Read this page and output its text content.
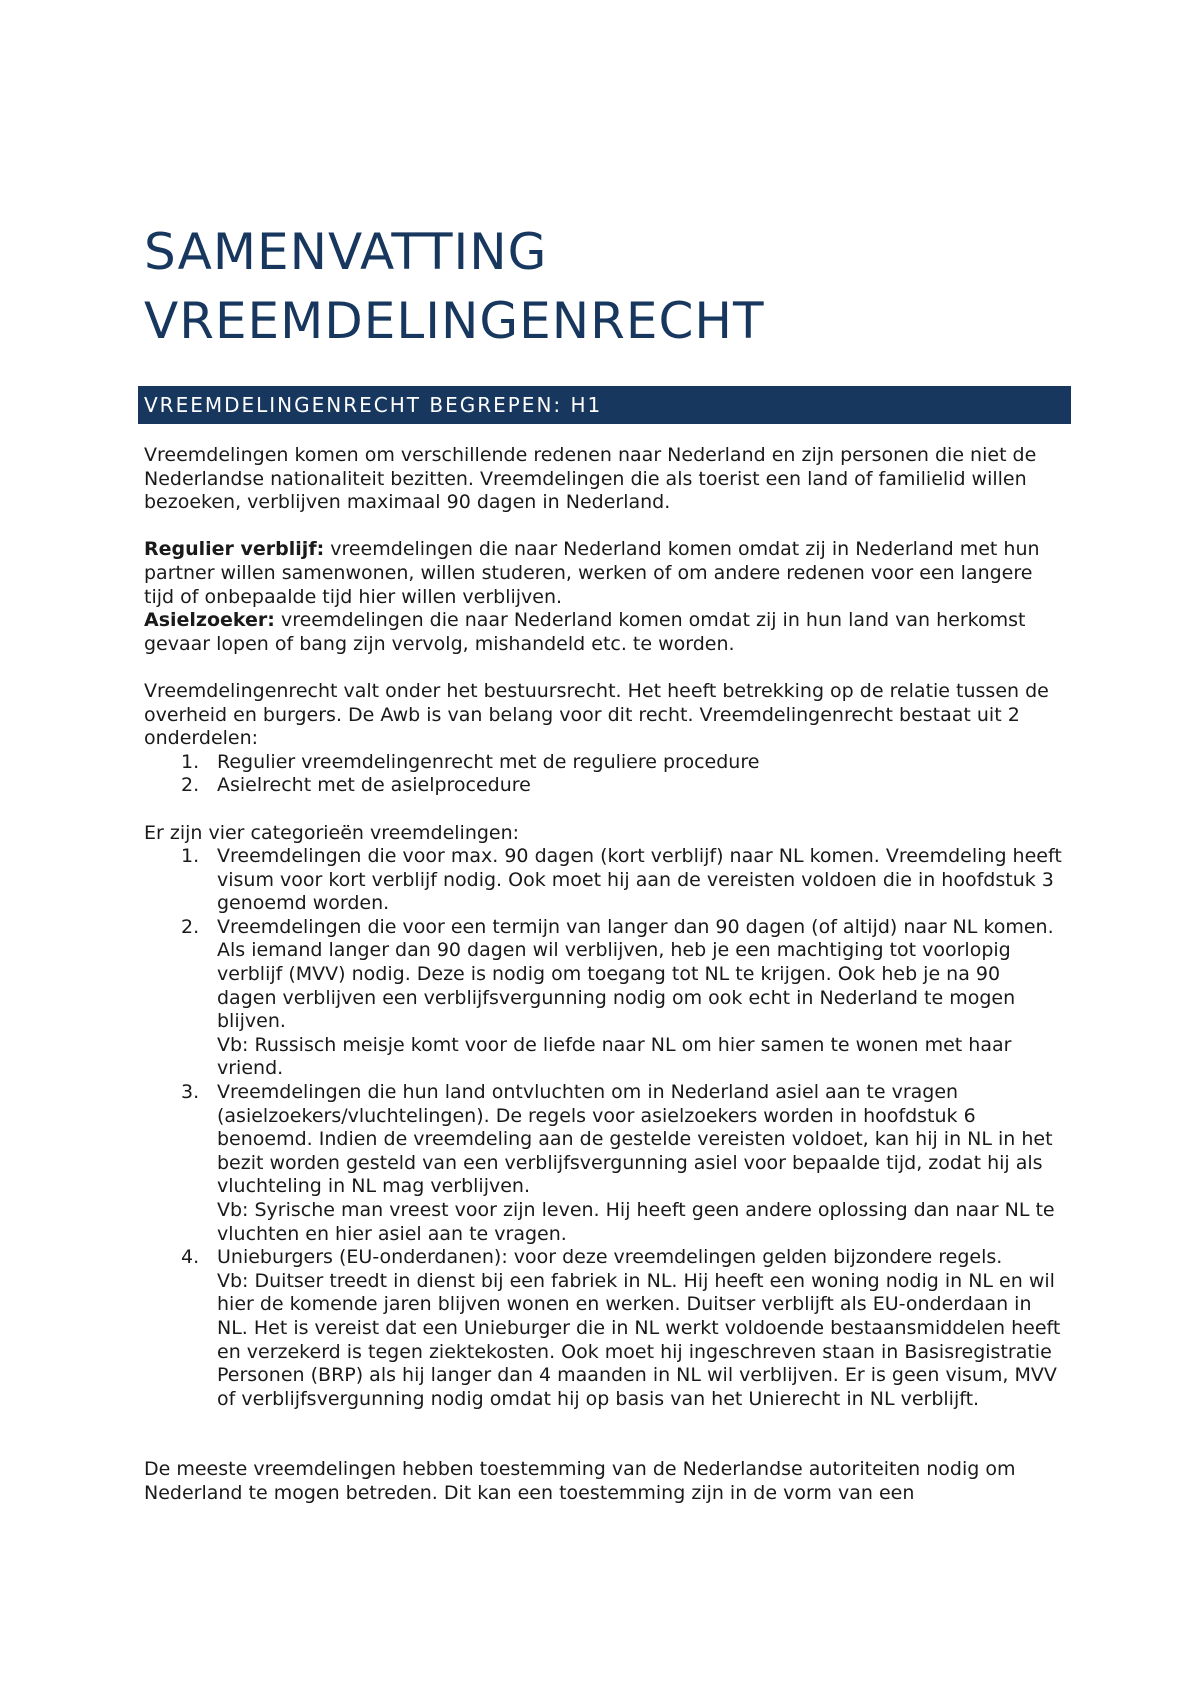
SAMENVATTING
VREEMDELINGENRECHT
VREEMDELINGENRECHT BEGREPEN: H1

Vreemdelingen komen om verschillende redenen naar Nederland en zijn personen die niet de Nederlandse nationaliteit bezitten. Vreemdelingen die als toerist een land of familielid willen bezoeken, verblijven maximaal 90 dagen in Nederland.

Regulier verblijf: vreemdelingen die naar Nederland komen omdat zij in Nederland met hun partner willen samenwonen, willen studeren, werken of om andere redenen voor een langere tijd of onbepaalde tijd hier willen verblijven.

Asielzoeker: vreemdelingen die naar Nederland komen omdat zij in hun land van herkomst gevaar lopen of bang zijn vervolg, mishandeld etc. te worden.

Vreemdelingenrecht valt onder het bestuursrecht. Het heeft betrekking op de relatie tussen de overheid en burgers. De Awb is van belang voor dit recht. Vreemdelingenrecht bestaat uit 2 onderdelen:

1. Regulier vreemdelingenrecht met de reguliere procedure

2. Asielrecht met de asielprocedure

Er zijn vier categorieën vreemdelingen:

1. Vreemdelingen die voor max. 90 dagen (kort verblijf) naar NL komen. Vreemdeling heeft visum voor kort verblijf nodig. Ook moet hij aan de vereisten voldoen die in hoofdstuk 3 genoemd worden.

2. Vreemdelingen die voor een termijn van langer dan 90 dagen (of altijd) naar NL komen. Als iemand langer dan 90 dagen wil verblijven, heb je een machtiging tot voorlopig verblijf (MVV) nodig. Deze is nodig om toegang tot NL te krijgen. Ook heb je na 90 dagen verblijven een verblijfsvergunning nodig om ook echt in Nederland te mogen blijven.

Vb: Russisch meisje komt voor de liefde naar NL om hier samen te wonen met haar vriend.

3. Vreemdelingen die hun land ontvluchten om in Nederland asiel aan te vragen (asielzoekers/vluchtelingen). De regels voor asielzoekers worden in hoofdstuk 6 benoemd. Indien de vreemdeling aan de gestelde vereisten voldoet, kan hij in NL in het bezit worden gesteld van een verblijfsvergunning asiel voor bepaalde tijd, zodat hij als vluchteling in NL mag verblijven.

Vb: Syrische man vreest voor zijn leven. Hij heeft geen andere oplossing dan naar NL te vluchten en hier asiel aan te vragen.

4. Unieburgers (EU-onderdanen): voor deze vreemdelingen gelden bijzondere regels.

Vb: Duitser treedt in dienst bij een fabriek in NL. Hij heeft een woning nodig in NL en wil hier de komende jaren blijven wonen en werken. Duitser verblijft als EU-onderdaan in NL. Het is vereist dat een Unieburger die in NL werkt voldoende bestaansmiddelen heeft en verzekerd is tegen ziektekosten. Ook moet hij ingeschreven staan in Basisregistratie Personen (BRP) als hij langer dan 4 maanden in NL wil verblijven. Er is geen visum, MVV of verblijfsvergunning nodig omdat hij op basis van het Unierecht in NL verblijft.

De meeste vreemdelingen hebben toestemming van de Nederlandse autoriteiten nodig om Nederland te mogen betreden. Dit kan een toestemming zijn in de vorm van een
